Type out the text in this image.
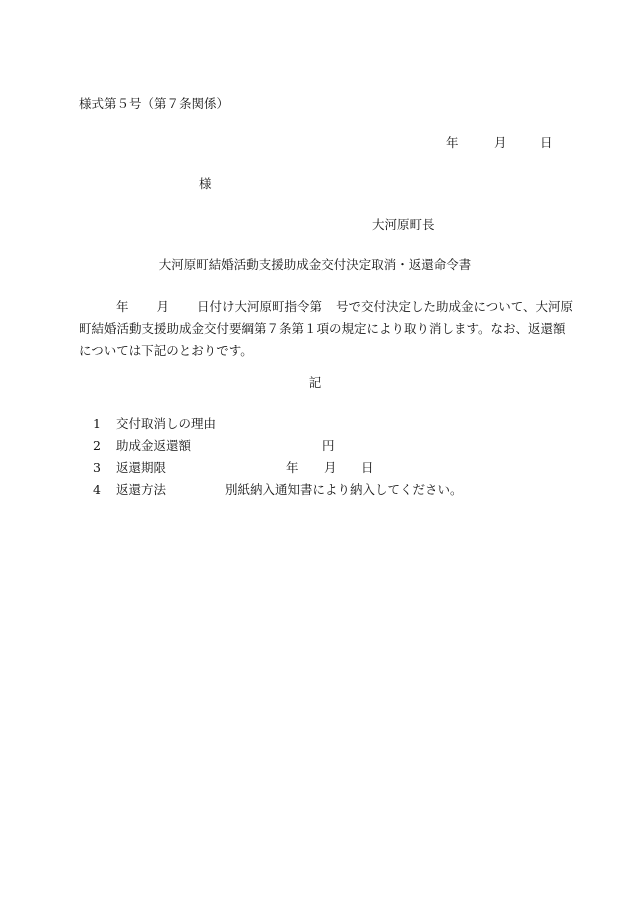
様式第５号（第７条関係）
年	月	日
様
大河原町長
大河原町結婚活動支援助成金交付決定取消・返還命令書
年 月 日付け大河原町指令第 号で交付決定した助成金について、大河原
町結婚活動支援助成金交付要綱第７条第１項の規定により取り消します。なお、返還額
については下記のとおりです。
記
1 交付取消しの理由
2 助成金返還額	円
3 返還期限	年 月 日
4 返還方法	別紙納入通知書により納入してください。
